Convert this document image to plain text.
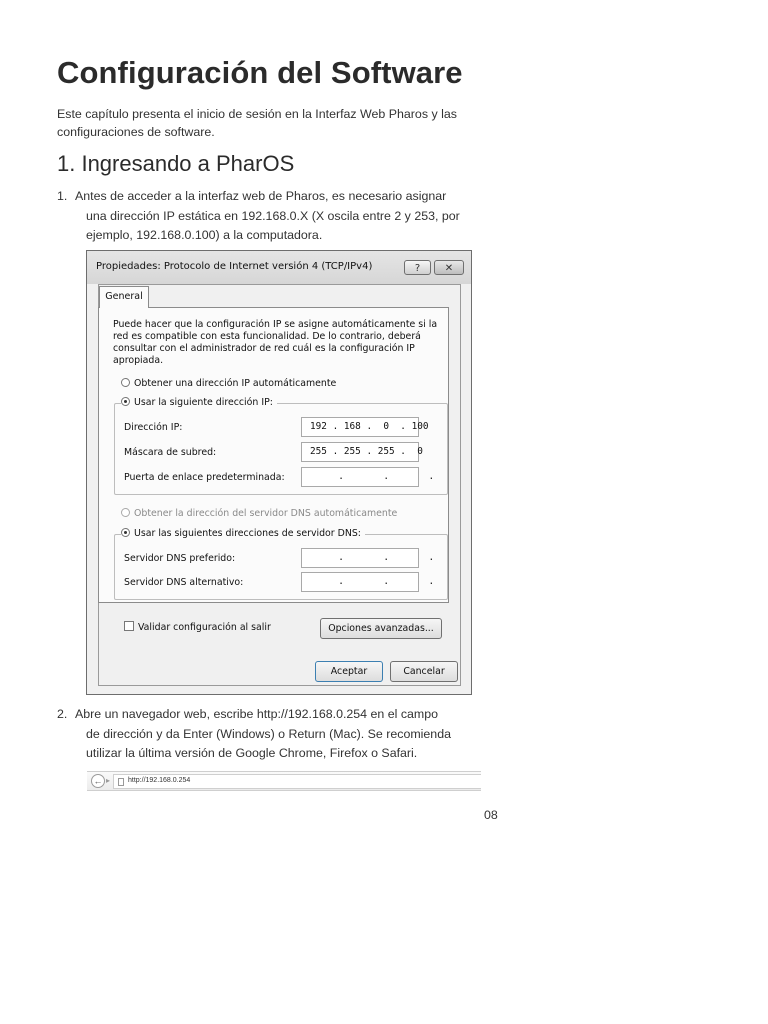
Configuración del Software
Este capítulo presenta el inicio de sesión en la Interfaz Web Pharos y las
configuraciones de software.
1. Ingresando a PharOS
1. Antes de acceder a la interfaz web de Pharos, es necesario asignar
una dirección IP estática en 192.168.0.X (X oscila entre 2 y 253, por
ejemplo, 192.168.0.100) a la computadora.
Propiedades: Protocolo de Internet versión 4 (TCP/IPv4)	?	✕
General
Puede hacer que la configuración IP se asigne automáticamente si la
red es compatible con esta funcionalidad. De lo contrario, deberá
consultar con el administrador de red cuál es la configuración IP
apropiada.
Obtener una dirección IP automáticamente
Usar la siguiente dirección IP:
Dirección IP:	192 . 168 .  0  . 100
Máscara de subred:	255 . 255 . 255 .  0
Puerta de enlace predeterminada:	.       .       .
Obtener la dirección del servidor DNS automáticamente
Usar las siguientes direcciones de servidor DNS:
Servidor DNS preferido:	.       .       .
Servidor DNS alternativo:	.       .       .
Validar configuración al salir	Opciones avanzadas...
Aceptar	Cancelar
2. Abre un navegador web, escribe http://192.168.0.254 en el campo
de dirección y da Enter (Windows) o Return (Mac). Se recomienda
utilizar la última versión de Google Chrome, Firefox o Safari.
← ▸	http://192.168.0.254
08
